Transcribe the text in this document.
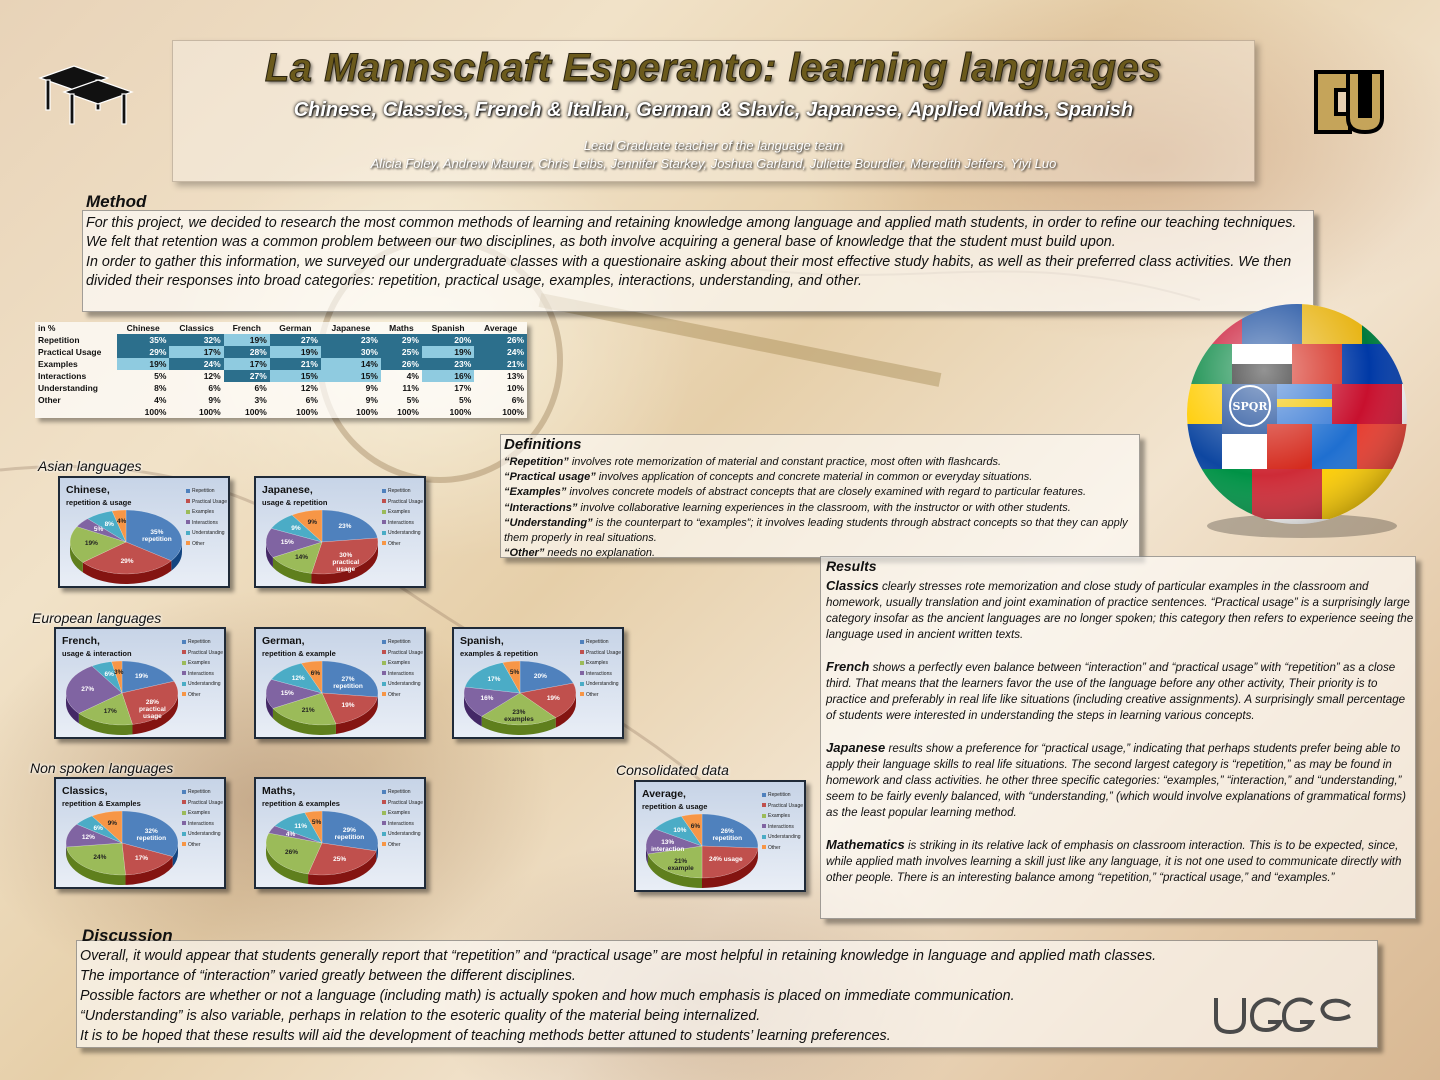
La Mannschaft Esperanto: learning languages
Chinese, Classics, French & Italian, German & Slavic, Japanese, Applied Maths, Spanish
Lead Graduate teacher of the language team
Alicia Foley, Andrew Maurer, Chris Leibs, Jennifer Starkey, Joshua Garland, Juliette Bourdier, Meredith Jeffers, Yiyi Luo
Method

For this project, we decided to research the most common methods of learning and retaining knowledge among language and applied math students, in order to refine our teaching techniques.

We felt that retention was a common problem between our two disciplines, as both involve acquiring a general base of knowledge that the student must build upon.

In order to gather this information, we surveyed our undergraduate classes with a questionaire asking about their most effective study habits, as well as their preferred class activities. We then divided their responses into broad categories: repetition, practical usage, examples, interactions, understanding, and other.

in %	Chinese	Classics	French	German	Japanese	Maths	Spanish	Average
Repetition	35%	32%	19%	27%	23%	29%	20%	26%
Practical Usage	29%	17%	28%	19%	30%	25%	19%	24%
Examples	19%	24%	17%	21%	14%	26%	23%	21%
Interactions	5%	12%	27%	15%	15%	4%	16%	13%
Understanding	8%	6%	6%	12%	9%	11%	17%	10%
Other	4%	9%	3%	6%	9%	5%	5%	6%
	100%	100%	100%	100%	100%	100%	100%	100%
Definitions
“Repetition” involves rote memorization of material and constant practice, most often with flashcards.
“Practical usage” involves application of concepts and concrete material in common or everyday situations.
“Examples” involves concrete models of abstract concepts that are closely examined with regard to particular features.
“Interactions” involve collaborative learning experiences in the classroom, with the instructor or with other students.
“Understanding” is the counterpart to “examples”; it involves leading students through abstract concepts so that they can apply them properly in real situations.
“Other” needs no explanation.
SPQR
Asian languages
European languages
Non spoken languages	Consolidated data
Chinese,
repetition & usage
Repetition
Practical Usage
Examples
Interactions
Understanding
Other
35% repetition
29%
19%
5%
8% 4%
Japanese,
usage & repetition
Repetition
Practical Usage
Examples
Interactions
Understanding
Other
23%
30% practical usage
14%
15%
9%
9%
French,
usage & interaction
Repetition
Practical Usage
Examples
Interactions
Understanding
Other
19%
28% practical usage
17%
27%
6% 3%
German,
repetition & example
Repetition
Practical Usage
Examples
Interactions
Understanding
Other
27% repetition
19%
21%
15%
12%
6%
Spanish,
examples & repetition
Repetition
Practical Usage
Examples
Interactions
Understanding
Other
20%
19%
23% examples
16%
17%
5%
Classics,
repetition & Examples
Repetition
Practical Usage
Examples
Interactions
Understanding
Other
32% repetition
17%
24%
12%
6%
9%
Maths,
repetition & examples
Repetition
Practical Usage
Examples
Interactions
Understanding
Other
29% repetition
25%
26%
4%
11%
5%
Average,
repetition & usage
Repetition
Practical Usage
Examples
Interactions
Understanding
Other
26% repetition
24% usage
21% example
13% interaction
10%
6%
Results

Classics clearly stresses rote memorization and close study of particular examples in the classroom and homework, usually translation and joint examination of practice sentences. “Practical usage” is a surprisingly large category insofar as the ancient languages are no longer spoken; this category then refers to experience seeing the language used in ancient written texts.

French shows a perfectly even balance between “interaction” and “practical usage” with “repetition” as a close third. That means that the learners favor the use of the language before any other activity, Their priority is to practice and preferably in real life like situations (including creative assignments). A surprisingly small percentage of students were interested in understanding the steps in learning various concepts.

Japanese results show a preference for “practical usage,” indicating that perhaps students prefer being able to apply their language skills to real life situations. The second largest category is “repetition,” as may be found in homework and class activities. he other three specific categories: “examples,” “interaction,” and “understanding,” seem to be fairly evenly balanced, with “understanding,” (which would involve explanations of grammatical forms) as the least popular learning method.

Mathematics is striking in its relative lack of emphasis on classroom interaction. This is to be expected, since, while applied math involves learning a skill just like any language, it is not one used to communicate directly with other people. There is an interesting balance among “repetition,” “practical usage,” and “examples.”

Discussion

Overall, it would appear that students generally report that “repetition” and “practical usage” are most helpful in retaining knowledge in language and applied math classes.

The importance of “interaction” varied greatly between the different disciplines.

Possible factors are whether or not a language (including math) is actually spoken and how much emphasis is placed on immediate communication.

“Understanding” is also variable, perhaps in relation to the esoteric quality of the material being internalized.

It is to be hoped that these results will aid the development of teaching methods better attuned to students’ learning preferences.
